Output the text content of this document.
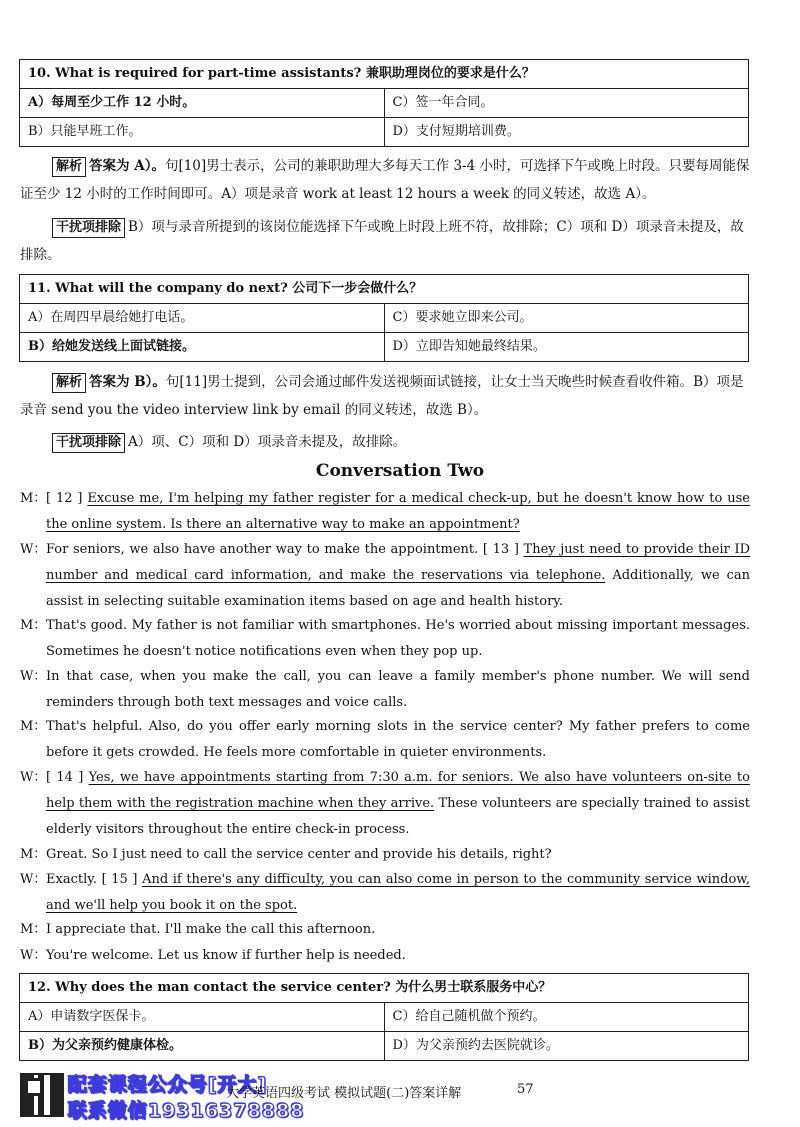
10. What is required for part-time assistants? 兼职助理岗位的要求是什么？
A）每周至少工作 12 小时。	C）签一年合同。
B）只能早班工作。	D）支付短期培训费。
解析 答案为 A）。句[10]男士表示，公司的兼职助理大多每天工作 3-4 小时，可选择下午或晚上时段。只要每周能保证至少 12 小时的工作时间即可。A）项是录音 work at least 12 hours a week 的同义转述，故选 A）。
干扰项排除 B）项与录音所提到的该岗位能选择下午或晚上时段上班不符，故排除；C）项和 D）项录音未提及，故排除。
11. What will the company do next? 公司下一步会做什么？
A）在周四早晨给她打电话。	C）要求她立即来公司。
B）给她发送线上面试链接。	D）立即告知她最终结果。
解析 答案为 B）。句[11]男士提到，公司会通过邮件发送视频面试链接，让女士当天晚些时候查看收件箱。B）项是录音 send you the video interview link by email 的同义转述，故选 B）。
干扰项排除 A）项、C）项和 D）项录音未提及，故排除。
Conversation Two
M： [ 12 ] Excuse me, I'm helping my father register for a medical check-up, but he doesn't know how to use the online system. Is there an alternative way to make an appointment?
W： For seniors, we also have another way to make the appointment. [ 13 ] They just need to provide their ID number and medical card information, and make the reservations via telephone. Additionally, we can assist in selecting suitable examination items based on age and health history.
M： That's good. My father is not familiar with smartphones. He's worried about missing important messages. Sometimes he doesn't notice notifications even when they pop up.
W： In that case, when you make the call, you can leave a family member's phone number. We will send reminders through both text messages and voice calls.
M： That's helpful. Also, do you offer early morning slots in the service center? My father prefers to come before it gets crowded. He feels more comfortable in quieter environments.
W： [ 14 ] Yes, we have appointments starting from 7:30 a.m. for seniors. We also have volunteers on-site to help them with the registration machine when they arrive. These volunteers are specially trained to assist elderly visitors throughout the entire check-in process.
M： Great. So I just need to call the service center and provide his details, right?
W： Exactly. [ 15 ] And if there's any difficulty, you can also come in person to the community service window, and we'll help you book it on the spot.
M： I appreciate that. I'll make the call this afternoon.
W： You're welcome. Let us know if further help is needed.
12. Why does the man contact the service center? 为什么男士联系服务中心？
A）申请数字医保卡。	C）给自己随机做个预约。
B）为父亲预约健康体检。	D）为父亲预约去医院就诊。
配套课程公众号[开大]
联系微信19316378888
大学英语四级考试 模拟试题(二)答案详解	57
